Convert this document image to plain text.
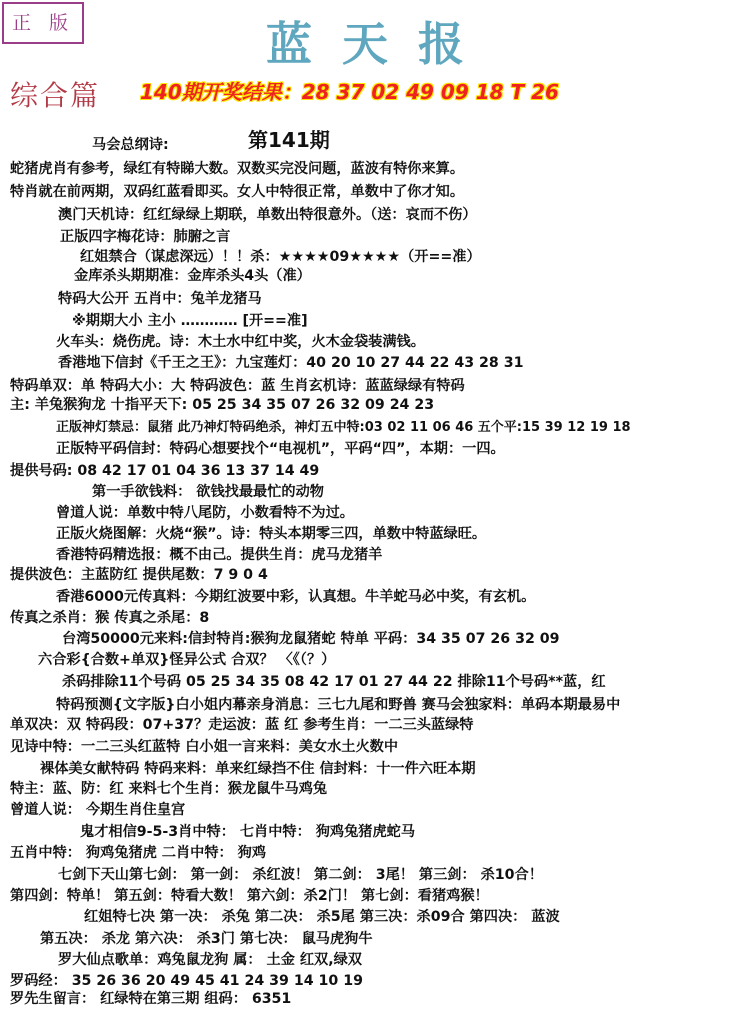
正 版	蓝天报
综合篇 140期开奖结果：28 37 02 49 09 18 T 26
第141期
马会总纲诗:
蛇猪虎肖有参考，绿红有特睇大数。双数买完没问题，蓝波有特你来算。
特肖就在前两期，双码红蓝看即买。女人中特很正常，单数中了你才知。
澳门天机诗：红红绿绿上期联，单数出特很意外。（送：哀而不伤）
正版四字梅花诗：肺腑之言
红姐禁合（谋虑深远）！！杀：★★★★09★★★★（开==准）
金库杀头期期准：金库杀头4头（准）
特码大公开 五肖中：兔羊龙猪马
※期期大小 主小 ………… [开==准]
火车头：烧伤虎。诗：木土水中红中奖，火木金袋装满钱。
香港地下信封《千王之王》：九宝莲灯：40 20 10 27 44 22 43 28 31
特码单双：单 特码大小：大 特码波色：蓝 生肖玄机诗：蓝蓝绿绿有特码
主: 羊兔猴狗龙 十指平天下: 05 25 34 35 07 26 32 09 24 23
正版神灯禁忌：鼠猪 此乃神灯特码绝杀，神灯五中特:03 02 11 06 46 五个平:15 39 12 19 18
正版特平码信封：特码心想要找个“电视机”，平码“四”，本期：一四。
提供号码: 08 42 17 01 04 36 13 37 14 49
第一手欲钱料： 欲钱找最最忙的动物
曾道人说：单数中特八尾防，小数看特不为过。
正版火烧图解：火烧“猴”。诗：特头本期零三四，单数中特蓝绿旺。
香港特码精选报：概不由己。提供生肖：虎马龙猪羊
提供波色：主蓝防红 提供尾数：7 9 0 4
香港6000元传真料：今期红波要中彩，认真想。牛羊蛇马必中奖，有玄机。
传真之杀肖：猴 传真之杀尾：8
台湾50000元来料:信封特肖:猴狗龙鼠猪蛇 特单 平码：34 35 07 26 32 09
六合彩{合数+单双}怪异公式 合双？ 〈《（？）
杀码排除11个号码 05 25 34 35 08 42 17 01 27 44 22 排除11个号码**蓝，红
特码预测{文字版}白小姐内幕亲身消息：三七九尾和野兽 赛马会独家料：单码本期最易中
单双决：双 特码段：07+37？走运波：蓝 红 参考生肖：一二三头蓝绿特
见诗中特：一二三头红蓝特 白小姐一言来料：美女水土火数中
裸体美女献特码 特码来料：单来红绿挡不住 信封料：十一件六旺本期
特主：蓝、防：红 来料七个生肖：猴龙鼠牛马鸡兔
曾道人说： 今期生肖住皇宫
鬼才相信9-5-3肖中特： 七肖中特： 狗鸡兔猪虎蛇马
五肖中特： 狗鸡兔猪虎 二肖中特： 狗鸡
七剑下天山第七剑： 第一剑： 杀红波！ 第二剑： 3尾！ 第三剑： 杀10合！
第四剑：特单！ 第五剑：特看大数！ 第六剑：杀2门！ 第七剑：看猪鸡猴！
红姐特七决 第一决： 杀兔 第二决： 杀5尾 第三决：杀09合 第四决： 蓝波
第五决： 杀龙 第六决： 杀3门 第七决： 鼠马虎狗牛
罗大仙点歌单：鸡兔鼠龙狗 属： 土金 红双,绿双
罗码经： 35 26 36 20 49 45 41 24 39 14 10 19
罗先生留言： 红绿特在第三期 组码： 6351
